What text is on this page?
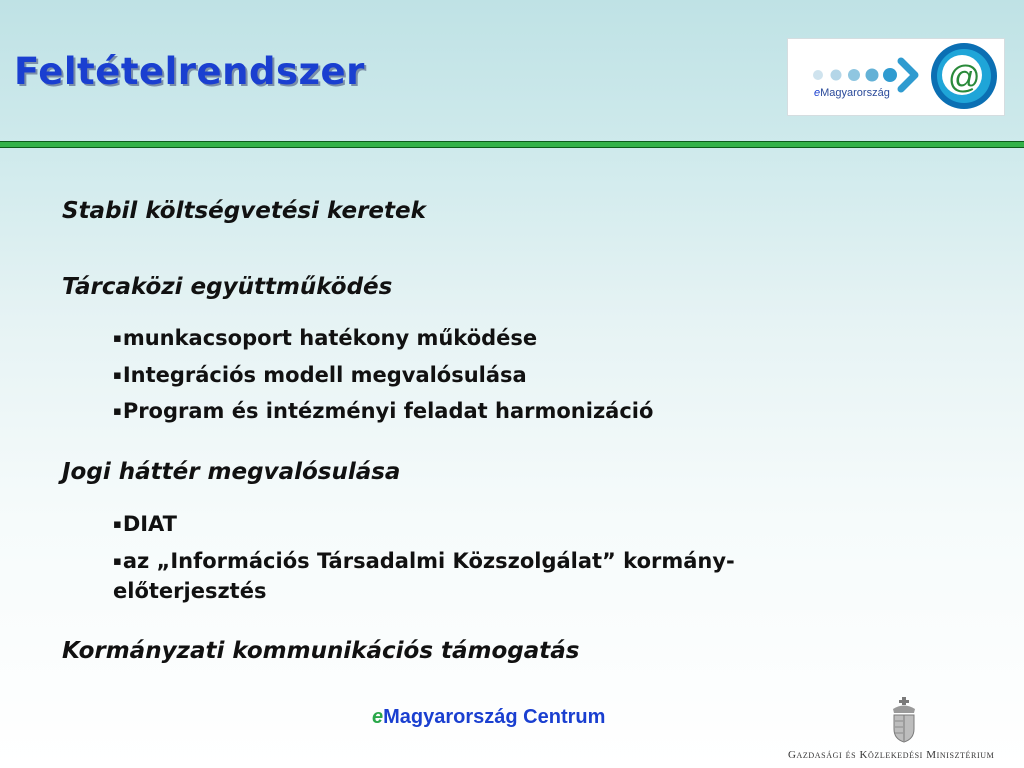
Feltételrendszer	@
eMagyarország

Stabil költségvetési keretek

Tárcaközi együttműködés

▪munkacsoport hatékony működése

▪Integrációs modell megvalósulása

▪Program és intézményi feladat harmonizáció

Jogi háttér megvalósulása

▪DIAT

▪az „Információs Társadalmi Közszolgálat” kormány-

előterjesztés

Kormányzati kommunikációs támogatás

eMagyarország Centrum
Gazdasági és Közlekedési Minisztérium
